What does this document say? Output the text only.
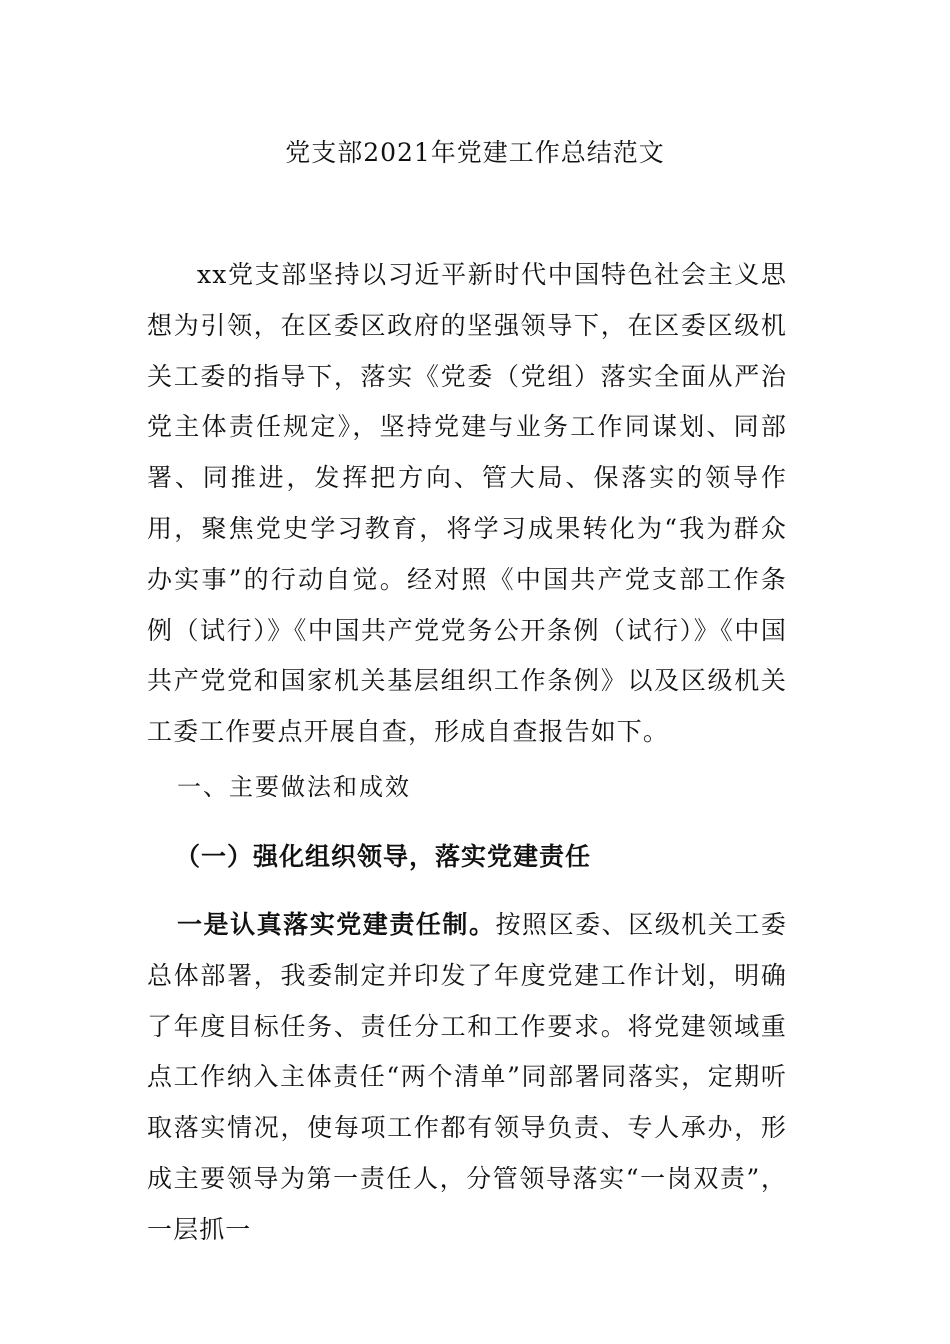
党支部2021年党建工作总结范文

xx党支部坚持以习近平新时代中国特色社会主义思想为引领，在区委区政府的坚强领导下，在区委区级机关工委的指导下，落实《党委（党组）落实全面从严治党主体责任规定》，坚持党建与业务工作同谋划、同部署、同推进，发挥把方向、管大局、保落实的领导作用，聚焦党史学习教育，将学习成果转化为“我为群众办实事”的行动自觉。经对照《中国共产党支部工作条例（试行）》《中国共产党党务公开条例（试行）》《中国共产党党和国家机关基层组织工作条例》以及区级机关工委工作要点开展自查，形成自查报告如下。

一、主要做法和成效

（一）强化组织领导，落实党建责任

一是认真落实党建责任制。按照区委、区级机关工委总体部署，我委制定并印发了年度党建工作计划，明确了年度目标任务、责任分工和工作要求。将党建领域重点工作纳入主体责任“两个清单”同部署同落实，定期听取落实情况，使每项工作都有领导负责、专人承办，形成主要领导为第一责任人，分管领导落实“一岗双责”，一层抓一
